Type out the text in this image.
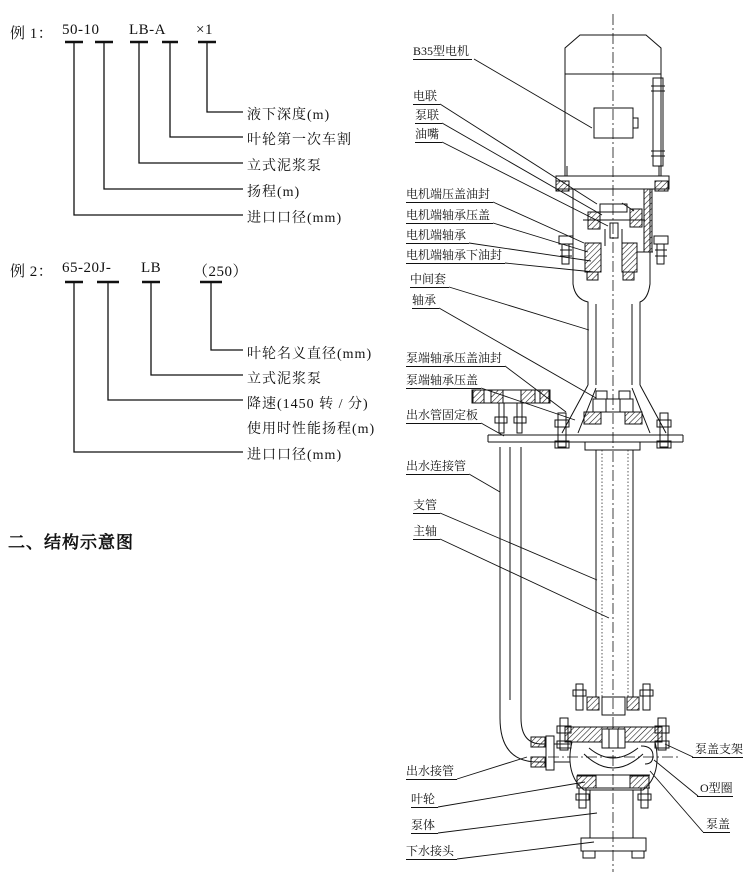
例 1： 50-10 LB-A ×1
液下深度(m)
叶轮第一次车割
立式泥浆泵
扬程(m)
进口口径(mm)
例 2： 65-20J- LB （250）
叶轮名义直径(mm)
立式泥浆泵
降速(1450 转 / 分)
使用时性能扬程(m)
进口口径(mm)
二、结构示意图
B35型电机
电联
泵联
油嘴
电机端压盖油封
电机端轴承压盖
电机端轴承
电机端轴承下油封
中间套
轴承
泵端轴承压盖油封
泵端轴承压盖
出水管固定板
出水连接管
支管
主轴
出水接管
叶轮
泵体
下水接头
泵盖支架
O型圈
泵盖
